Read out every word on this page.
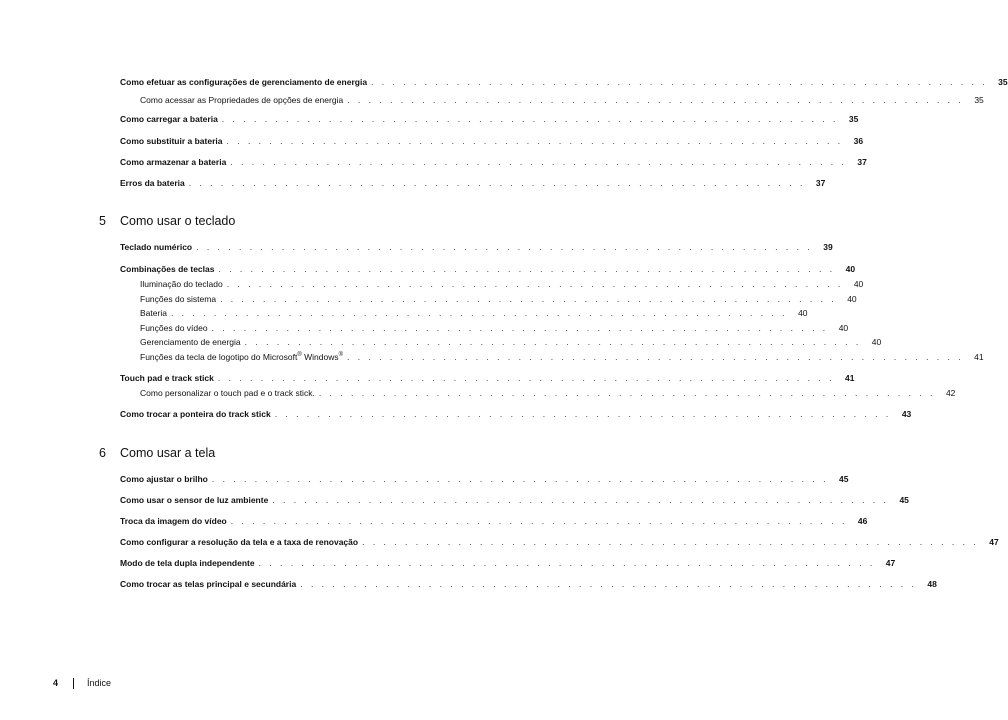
Como efetuar as configurações de gerenciamento de energia . . . . . . . . . . . . . . . . . . . . . . . . . . . . . . . . . . . . . . . . . . . . . . . . . . . . . . . . . .	35
Como acessar as Propriedades de opções de energia . . . . . . . . . . . . . . . . . . . . . . . . . . . . . . . . . . . . . . . . . . . . . . . . . . . . . . . . . .	35
Como carregar a bateria . . . . . . . . . . . . . . . . . . . . . . . . . . . . . . . . . . . . . . . . . . . . . . . . . . . . . . . . . .	35
Como substituir a bateria . . . . . . . . . . . . . . . . . . . . . . . . . . . . . . . . . . . . . . . . . . . . . . . . . . . . . . . . . .	36
Como armazenar a bateria . . . . . . . . . . . . . . . . . . . . . . . . . . . . . . . . . . . . . . . . . . . . . . . . . . . . . . . . . .	37
Erros da bateria . . . . . . . . . . . . . . . . . . . . . . . . . . . . . . . . . . . . . . . . . . . . . . . . . . . . . . . . . .	37
5	Como usar o teclado
Teclado numérico . . . . . . . . . . . . . . . . . . . . . . . . . . . . . . . . . . . . . . . . . . . . . . . . . . . . . . . . . .	39
Combinações de teclas . . . . . . . . . . . . . . . . . . . . . . . . . . . . . . . . . . . . . . . . . . . . . . . . . . . . . . . . . .	40
Iluminação do teclado . . . . . . . . . . . . . . . . . . . . . . . . . . . . . . . . . . . . . . . . . . . . . . . . . . . . . . . . . .	40
Funções do sistema . . . . . . . . . . . . . . . . . . . . . . . . . . . . . . . . . . . . . . . . . . . . . . . . . . . . . . . . . .	40
Bateria . . . . . . . . . . . . . . . . . . . . . . . . . . . . . . . . . . . . . . . . . . . . . . . . . . . . . . . . . .	40
Funções do vídeo . . . . . . . . . . . . . . . . . . . . . . . . . . . . . . . . . . . . . . . . . . . . . . . . . . . . . . . . . .	40
Gerenciamento de energia . . . . . . . . . . . . . . . . . . . . . . . . . . . . . . . . . . . . . . . . . . . . . . . . . . . . . . . . . .	40
Funções da tecla de logotipo do Microsoft® Windows® . . . . . . . . . . . . . . . . . . . . . . . . . . . . . . . . . . . . . . . . . . . . . . . . . . . . . . . . . .	41
Touch pad e track stick . . . . . . . . . . . . . . . . . . . . . . . . . . . . . . . . . . . . . . . . . . . . . . . . . . . . . . . . . .	41
Como personalizar o touch pad e o track stick. . . . . . . . . . . . . . . . . . . . . . . . . . . . . . . . . . . . . . . . . . . . . . . . . . . . . . . . . . .	42
Como trocar a ponteira do track stick . . . . . . . . . . . . . . . . . . . . . . . . . . . . . . . . . . . . . . . . . . . . . . . . . . . . . . . . . .	43
6	Como usar a tela
Como ajustar o brilho . . . . . . . . . . . . . . . . . . . . . . . . . . . . . . . . . . . . . . . . . . . . . . . . . . . . . . . . . .	45
Como usar o sensor de luz ambiente . . . . . . . . . . . . . . . . . . . . . . . . . . . . . . . . . . . . . . . . . . . . . . . . . . . . . . . . . .	45
Troca da imagem do vídeo . . . . . . . . . . . . . . . . . . . . . . . . . . . . . . . . . . . . . . . . . . . . . . . . . . . . . . . . . .	46
Como configurar a resolução da tela e a taxa de renovação . . . . . . . . . . . . . . . . . . . . . . . . . . . . . . . . . . . . . . . . . . . . . . . . . . . . . . . . . .	47
Modo de tela dupla independente . . . . . . . . . . . . . . . . . . . . . . . . . . . . . . . . . . . . . . . . . . . . . . . . . . . . . . . . . .	47
Como trocar as telas principal e secundária . . . . . . . . . . . . . . . . . . . . . . . . . . . . . . . . . . . . . . . . . . . . . . . . . . . . . . . . . .	48
4	Índice
